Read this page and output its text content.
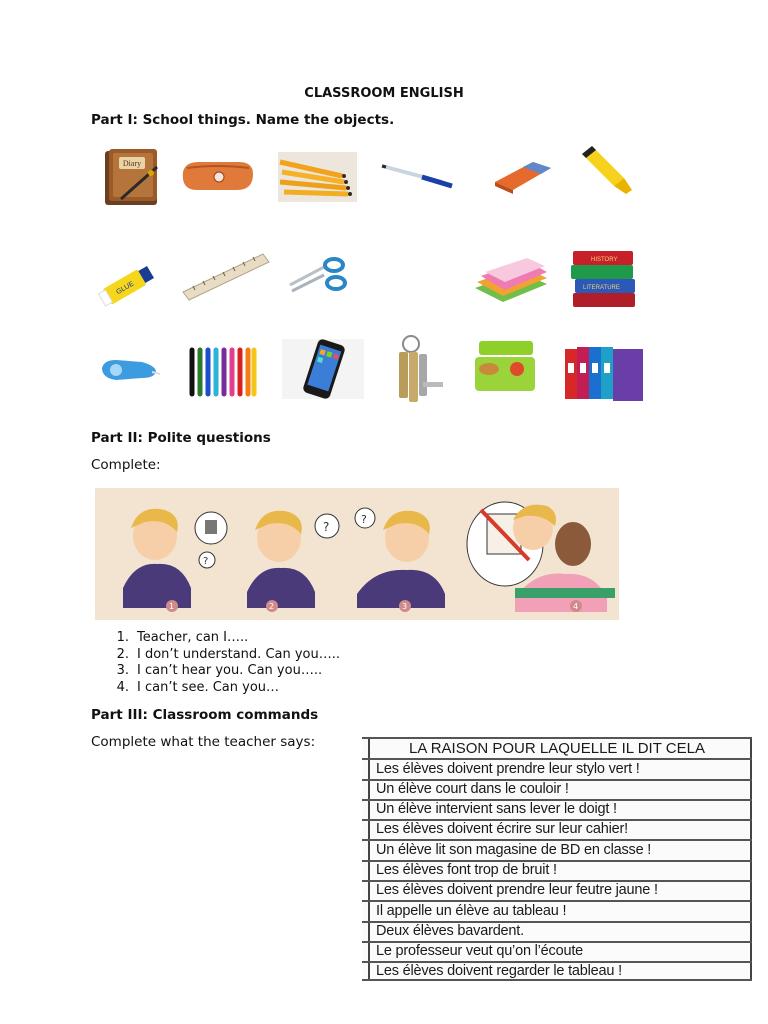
CLASSROOM ENGLISH
Part I: School things. Name the objects.
Diary
GLUE
HISTORY
LITERATURE
Part II: Polite questions
Complete:
?
1
?
2
?
3	4
1. Teacher, can I…..
2. I don’t understand. Can you…..
3. I can’t hear you. Can you…..
4. I can’t see. Can you…
Part III: Classroom commands
Complete what the teacher says:	LA RAISON POUR LAQUELLE IL DIT CELA
Les élèves doivent prendre leur stylo vert !
Un élève court dans le couloir !
Un élève intervient sans lever le doigt !
Les élèves doivent écrire sur leur cahier!
Un élève lit son magasine de BD en classe !
Les élèves font trop de bruit !
Les élèves doivent prendre leur feutre jaune !
Il appelle un élève au tableau !
Deux élèves bavardent.
Le professeur veut qu’on l’écoute
Les élèves doivent regarder le tableau !
